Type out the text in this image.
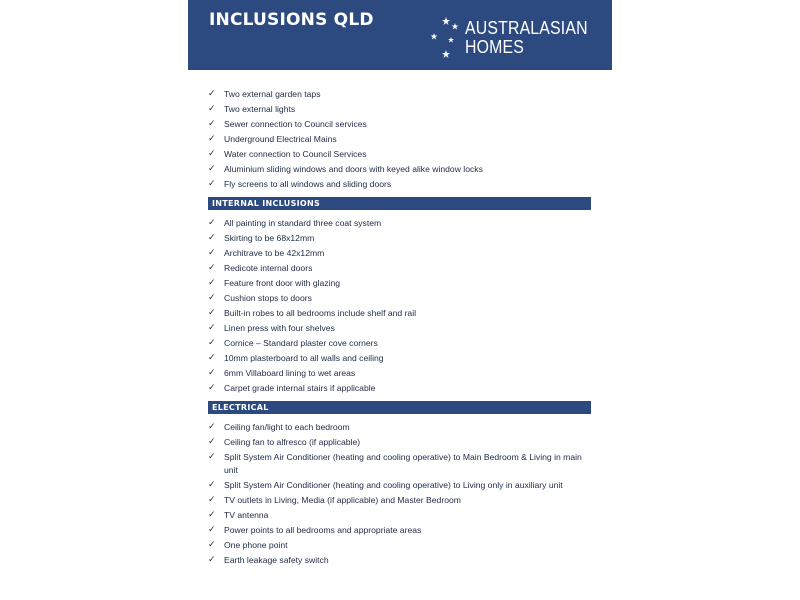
INCLUSIONS QLD	AUSTRALASIAN
HOMES
✓ Two external garden taps
✓ Two external lights
✓ Sewer connection to Council services
✓ Underground Electrical Mains
✓ Water connection to Council Services
✓ Aluminium sliding windows and doors with keyed alike window locks
✓ Fly screens to all windows and sliding doors
INTERNAL INCLUSIONS
✓ All painting in standard three coat system
✓ Skirting to be 68x12mm
✓ Architrave to be 42x12mm
✓ Redicote internal doors
✓ Feature front door with glazing
✓ Cushion stops to doors
✓ Built-in robes to all bedrooms include shelf and rail
✓ Linen press with four shelves
✓ Cornice – Standard plaster cove corners
✓ 10mm plasterboard to all walls and ceiling
✓ 6mm Villaboard lining to wet areas
✓ Carpet grade internal stairs if applicable
ELECTRICAL
✓ Ceiling fan/light to each bedroom
✓ Ceiling fan to alfresco (if applicable)
✓ Split System Air Conditioner (heating and cooling operative) to Main Bedroom & Living in main unit
✓ Split System Air Conditioner (heating and cooling operative) to Living only in auxiliary unit
✓ TV outlets in Living, Media (if applicable) and Master Bedroom
✓ TV antenna
✓ Power points to all bedrooms and appropriate areas
✓ One phone point
✓ Earth leakage safety switch
